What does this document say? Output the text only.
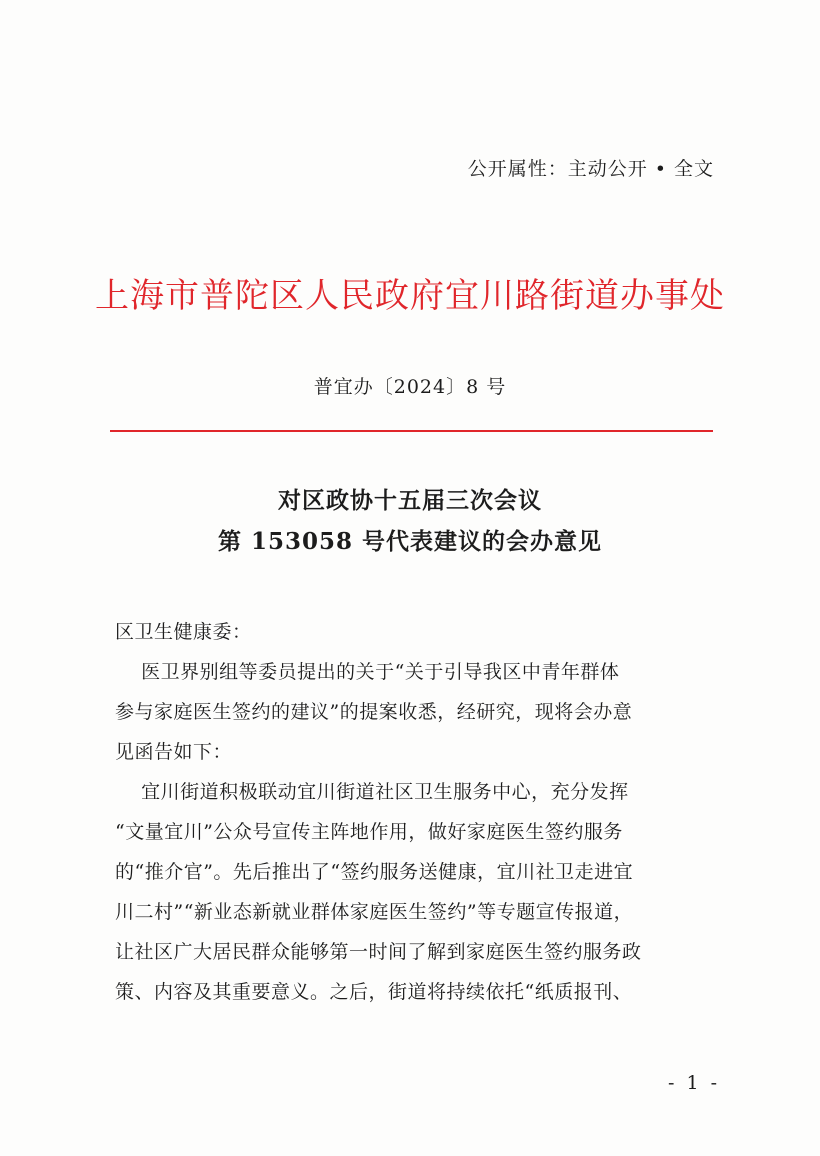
公开属性：主动公开 • 全文
上海市普陀区人民政府宜川路街道办事处
普宜办〔2024〕8 号
对区政协十五届三次会议
第 153058 号代表建议的会办意见
区卫生健康委：
医卫界别组等委员提出的关于“关于引导我区中青年群体
参与家庭医生签约的建议”的提案收悉，经研究，现将会办意
见函告如下：
宜川街道积极联动宜川街道社区卫生服务中心，充分发挥
“文量宜川”公众号宣传主阵地作用，做好家庭医生签约服务
的“推介官”。先后推出了“签约服务送健康，宜川社卫走进宜
川二村”“新业态新就业群体家庭医生签约”等专题宣传报道，
让社区广大居民群众能够第一时间了解到家庭医生签约服务政
策、内容及其重要意义。之后，街道将持续依托“纸质报刊、
- 1 -
